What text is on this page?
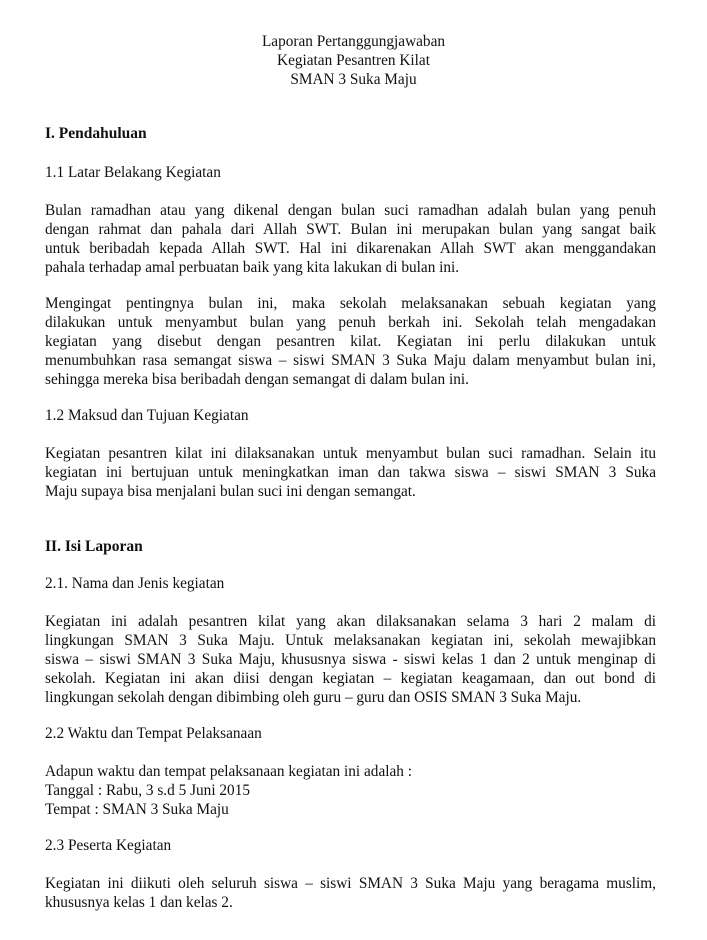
Laporan Pertanggungjawaban
Kegiatan Pesantren Kilat
SMAN 3 Suka Maju
I. Pendahuluan
1.1 Latar Belakang Kegiatan
Bulan ramadhan atau yang dikenal dengan bulan suci ramadhan adalah bulan yang penuh
dengan rahmat dan pahala dari Allah SWT. Bulan ini merupakan bulan yang sangat baik
untuk beribadah kepada Allah SWT. Hal ini dikarenakan Allah SWT akan menggandakan
pahala terhadap amal perbuatan baik yang kita lakukan di bulan ini.
Mengingat pentingnya bulan ini, maka sekolah melaksanakan sebuah kegiatan yang
dilakukan untuk menyambut bulan yang penuh berkah ini. Sekolah telah mengadakan
kegiatan yang disebut dengan pesantren kilat. Kegiatan ini perlu dilakukan untuk
menumbuhkan rasa semangat siswa – siswi SMAN 3 Suka Maju dalam menyambut bulan ini,
sehingga mereka bisa beribadah dengan semangat di dalam bulan ini.
1.2 Maksud dan Tujuan Kegiatan
Kegiatan pesantren kilat ini dilaksanakan untuk menyambut bulan suci ramadhan. Selain itu
kegiatan ini bertujuan untuk meningkatkan iman dan takwa siswa – siswi SMAN 3 Suka
Maju supaya bisa menjalani bulan suci ini dengan semangat.
II. Isi Laporan
2.1. Nama dan Jenis kegiatan
Kegiatan ini adalah pesantren kilat yang akan dilaksanakan selama 3 hari 2 malam di
lingkungan SMAN 3 Suka Maju. Untuk melaksanakan kegiatan ini, sekolah mewajibkan
siswa – siswi SMAN 3 Suka Maju, khususnya siswa - siswi kelas 1 dan 2 untuk menginap di
sekolah. Kegiatan ini akan diisi dengan kegiatan – kegiatan keagamaan, dan out bond di
lingkungan sekolah dengan dibimbing oleh guru – guru dan OSIS SMAN 3 Suka Maju.
2.2 Waktu dan Tempat Pelaksanaan
Adapun waktu dan tempat pelaksanaan kegiatan ini adalah :
Tanggal : Rabu, 3 s.d 5 Juni 2015
Tempat : SMAN 3 Suka Maju
2.3 Peserta Kegiatan
Kegiatan ini diikuti oleh seluruh siswa – siswi SMAN 3 Suka Maju yang beragama muslim,
khususnya kelas 1 dan kelas 2.
